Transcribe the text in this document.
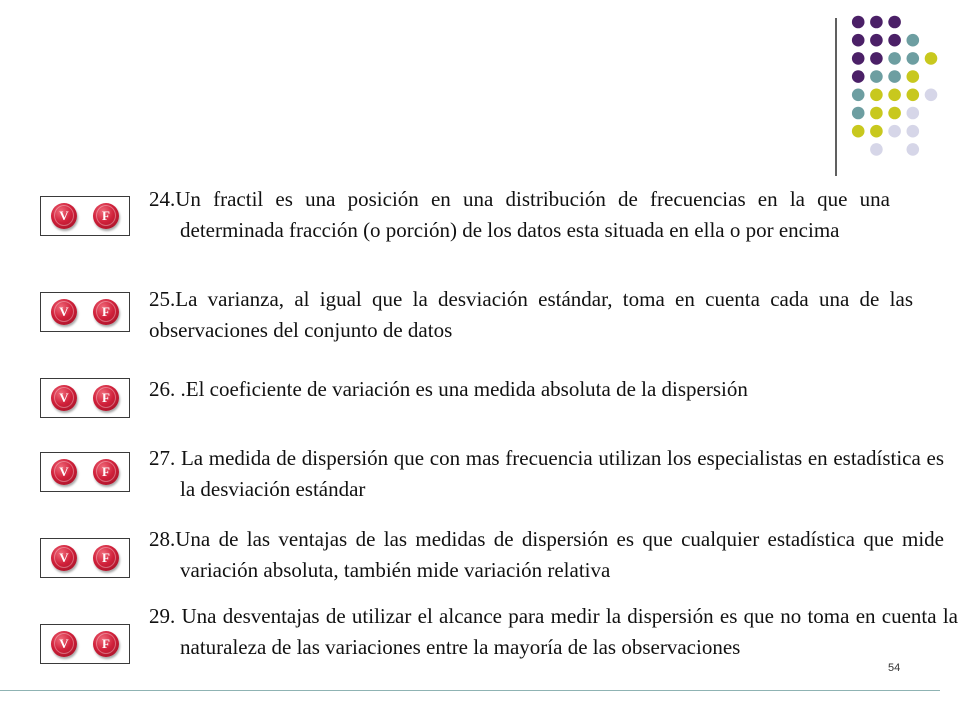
V	F

24.Un fractil es una posición en una distribución de frecuencias en la que una determinada fracción (o porción) de los datos esta situada en ella o por encima

V	F

25.La varianza, al igual que la desviación estándar, toma en cuenta cada una de las observaciones del conjunto de datos

V	F	26. .El coeficiente de variación es una medida absoluta de la dispersión

V	F

27. La medida de dispersión que con mas frecuencia utilizan los especialistas en estadística es la desviación estándar

V	F

28.Una de las ventajas de las medidas de dispersión es que cualquier estadística que mide variación absoluta, también mide variación relativa

V	F

29. Una desventajas de utilizar el alcance para medir la dispersión es que no toma en cuenta la naturaleza de las variaciones entre la mayoría de las observaciones

54
